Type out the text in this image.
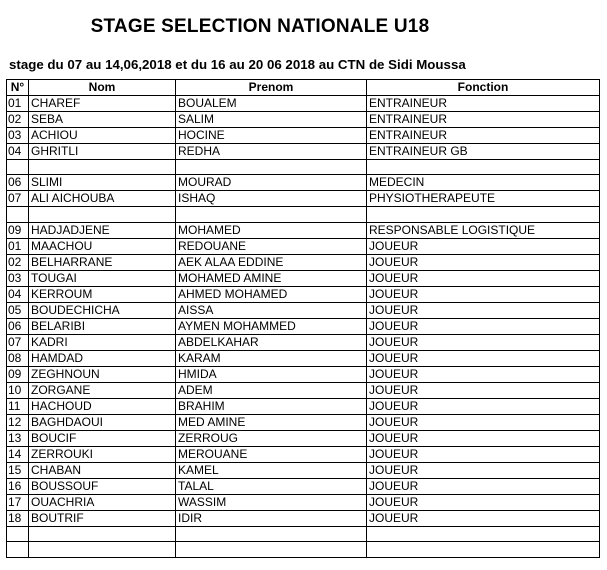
STAGE SELECTION NATIONALE U18
stage du 07 au 14,06,2018 et du 16 au 20 06 2018 au CTN de Sidi Moussa
N°	Nom	Prenom	Fonction
01	CHAREF	BOUALEM	ENTRAINEUR
02	SEBA	SALIM	ENTRAINEUR
03	ACHIOU	HOCINE	ENTRAINEUR
04	GHRITLI	REDHA	ENTRAINEUR GB

06	SLIMI	MOURAD	MEDECIN
07	ALI AICHOUBA	ISHAQ	PHYSIOTHERAPEUTE

09	HADJADJENE	MOHAMED	RESPONSABLE LOGISTIQUE
01	MAACHOU	REDOUANE	JOUEUR
02	BELHARRANE	AEK ALAA EDDINE	JOUEUR
03	TOUGAI	MOHAMED AMINE	JOUEUR
04	KERROUM	AHMED MOHAMED	JOUEUR
05	BOUDECHICHA	AISSA	JOUEUR
06	BELARIBI	AYMEN MOHAMMED	JOUEUR
07	KADRI	ABDELKAHAR	JOUEUR
08	HAMDAD	KARAM	JOUEUR
09	ZEGHNOUN	HMIDA	JOUEUR
10	ZORGANE	ADEM	JOUEUR
11	HACHOUD	BRAHIM	JOUEUR
12	BAGHDAOUI	MED AMINE	JOUEUR
13	BOUCIF	ZERROUG	JOUEUR
14	ZERROUKI	MEROUANE	JOUEUR
15	CHABAN	KAMEL	JOUEUR
16	BOUSSOUF	TALAL	JOUEUR
17	OUACHRIA	WASSIM	JOUEUR
18	BOUTRIF	IDIR	JOUEUR
